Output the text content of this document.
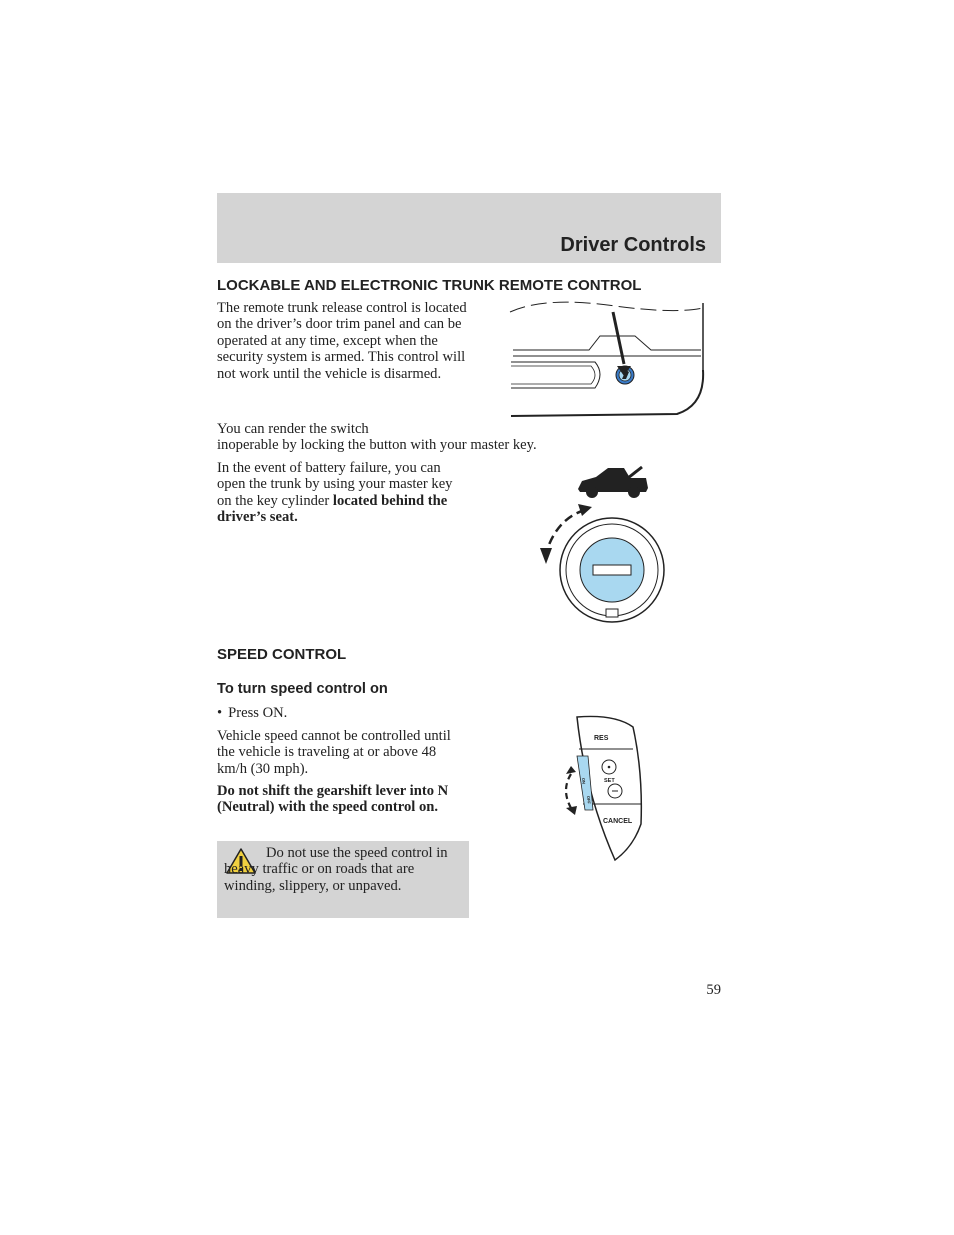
Driver Controls
LOCKABLE AND ELECTRONIC TRUNK REMOTE CONTROL

The remote trunk release control is located on the driver’s door trim panel and can be operated at any time, except when the security system is armed. This control will not work until the vehicle is disarmed.

You can render the switch
inoperable by locking the button with your master key.

In the event of battery failure, you can open the trunk by using your master key on the key cylinder located behind the driver’s seat.

SPEED CONTROL
To turn speed control on

• Press ON.

Vehicle speed cannot be controlled until the vehicle is traveling at or above 48 km/h (30 mph).

Do not shift the gearshift lever into N (Neutral) with the speed control on.

Do not use the speed control in heavy traffic or on roads that are winding, slippery, or unpaved.
RES
SET
ON
OFF
CANCEL
59
